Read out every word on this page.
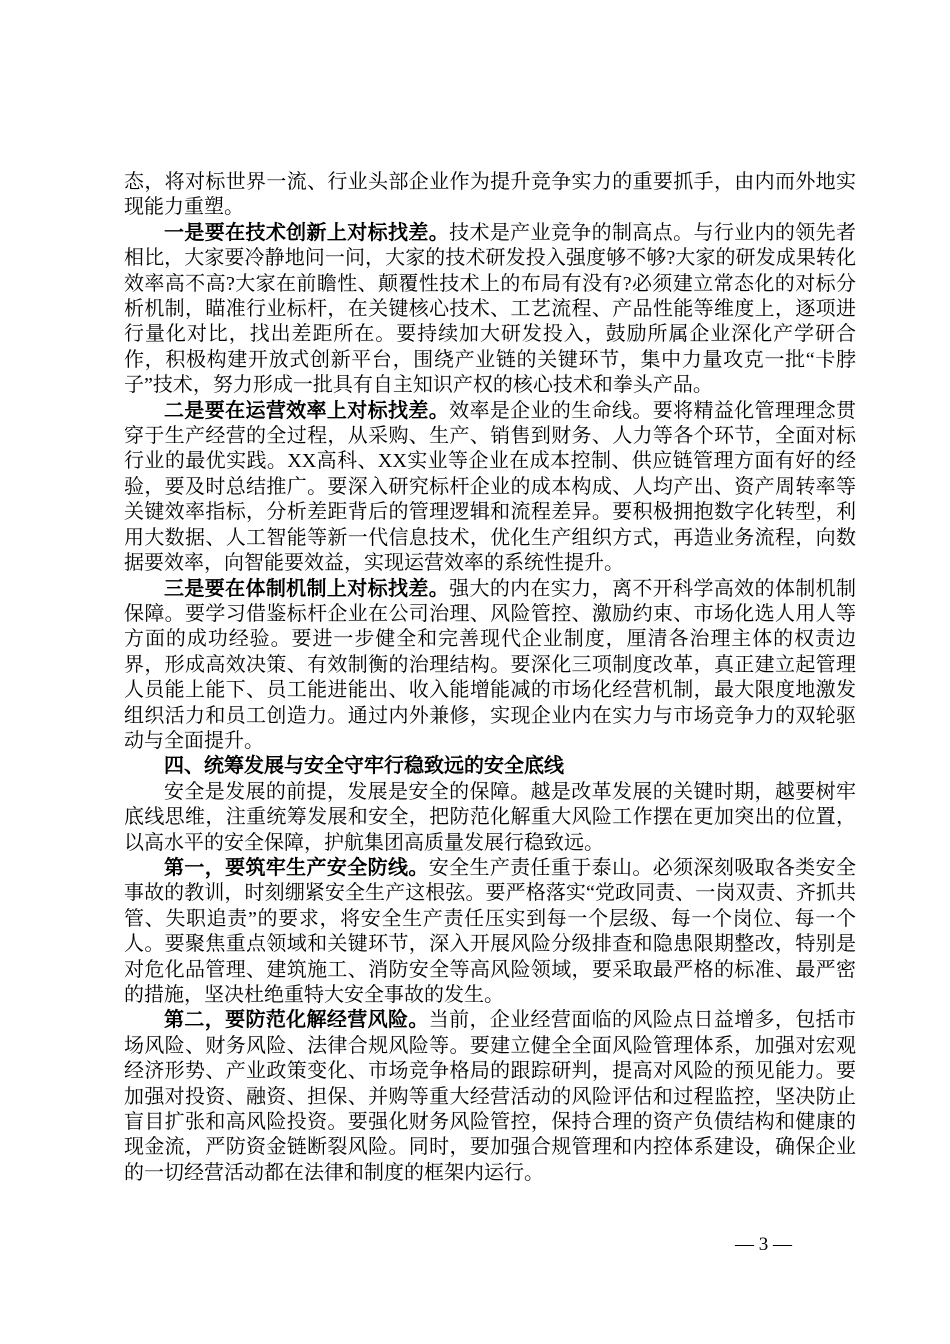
态，将对标世界一流、行业头部企业作为提升竞争实力的重要抓手，由内而外地实现能力重塑。

一是要在技术创新上对标找差。技术是产业竞争的制高点。与行业内的领先者相比，大家要冷静地问一问，大家的技术研发投入强度够不够?大家的研发成果转化效率高不高?大家在前瞻性、颠覆性技术上的布局有没有?必须建立常态化的对标分析机制，瞄准行业标杆，在关键核心技术、工艺流程、产品性能等维度上，逐项进行量化对比，找出差距所在。要持续加大研发投入，鼓励所属企业深化产学研合作，积极构建开放式创新平台，围绕产业链的关键环节，集中力量攻克一批“卡脖子”技术，努力形成一批具有自主知识产权的核心技术和拳头产品。

二是要在运营效率上对标找差。效率是企业的生命线。要将精益化管理理念贯穿于生产经营的全过程，从采购、生产、销售到财务、人力等各个环节，全面对标行业的最优实践。XX高科、XX实业等企业在成本控制、供应链管理方面有好的经验，要及时总结推广。要深入研究标杆企业的成本构成、人均产出、资产周转率等关键效率指标，分析差距背后的管理逻辑和流程差异。要积极拥抱数字化转型，利用大数据、人工智能等新一代信息技术，优化生产组织方式，再造业务流程，向数据要效率，向智能要效益，实现运营效率的系统性提升。

三是要在体制机制上对标找差。强大的内在实力，离不开科学高效的体制机制保障。要学习借鉴标杆企业在公司治理、风险管控、激励约束、市场化选人用人等方面的成功经验。要进一步健全和完善现代企业制度，厘清各治理主体的权责边界，形成高效决策、有效制衡的治理结构。要深化三项制度改革，真正建立起管理人员能上能下、员工能进能出、收入能增能减的市场化经营机制，最大限度地激发组织活力和员工创造力。通过内外兼修，实现企业内在实力与市场竞争力的双轮驱动与全面提升。

四、统筹发展与安全守牢行稳致远的安全底线

安全是发展的前提，发展是安全的保障。越是改革发展的关键时期，越要树牢底线思维，注重统筹发展和安全，把防范化解重大风险工作摆在更加突出的位置，以高水平的安全保障，护航集团高质量发展行稳致远。

第一，要筑牢生产安全防线。安全生产责任重于泰山。必须深刻吸取各类安全事故的教训，时刻绷紧安全生产这根弦。要严格落实“党政同责、一岗双责、齐抓共管、失职追责”的要求，将安全生产责任压实到每一个层级、每一个岗位、每一个人。要聚焦重点领域和关键环节，深入开展风险分级排查和隐患限期整改，特别是对危化品管理、建筑施工、消防安全等高风险领域，要采取最严格的标准、最严密的措施，坚决杜绝重特大安全事故的发生。

第二，要防范化解经营风险。当前，企业经营面临的风险点日益增多，包括市场风险、财务风险、法律合规风险等。要建立健全全面风险管理体系，加强对宏观经济形势、产业政策变化、市场竞争格局的跟踪研判，提高对风险的预见能力。要加强对投资、融资、担保、并购等重大经营活动的风险评估和过程监控，坚决防止盲目扩张和高风险投资。要强化财务风险管控，保持合理的资产负债结构和健康的现金流，严防资金链断裂风险。同时，要加强合规管理和内控体系建设，确保企业的一切经营活动都在法律和制度的框架内运行。

— 3 —
